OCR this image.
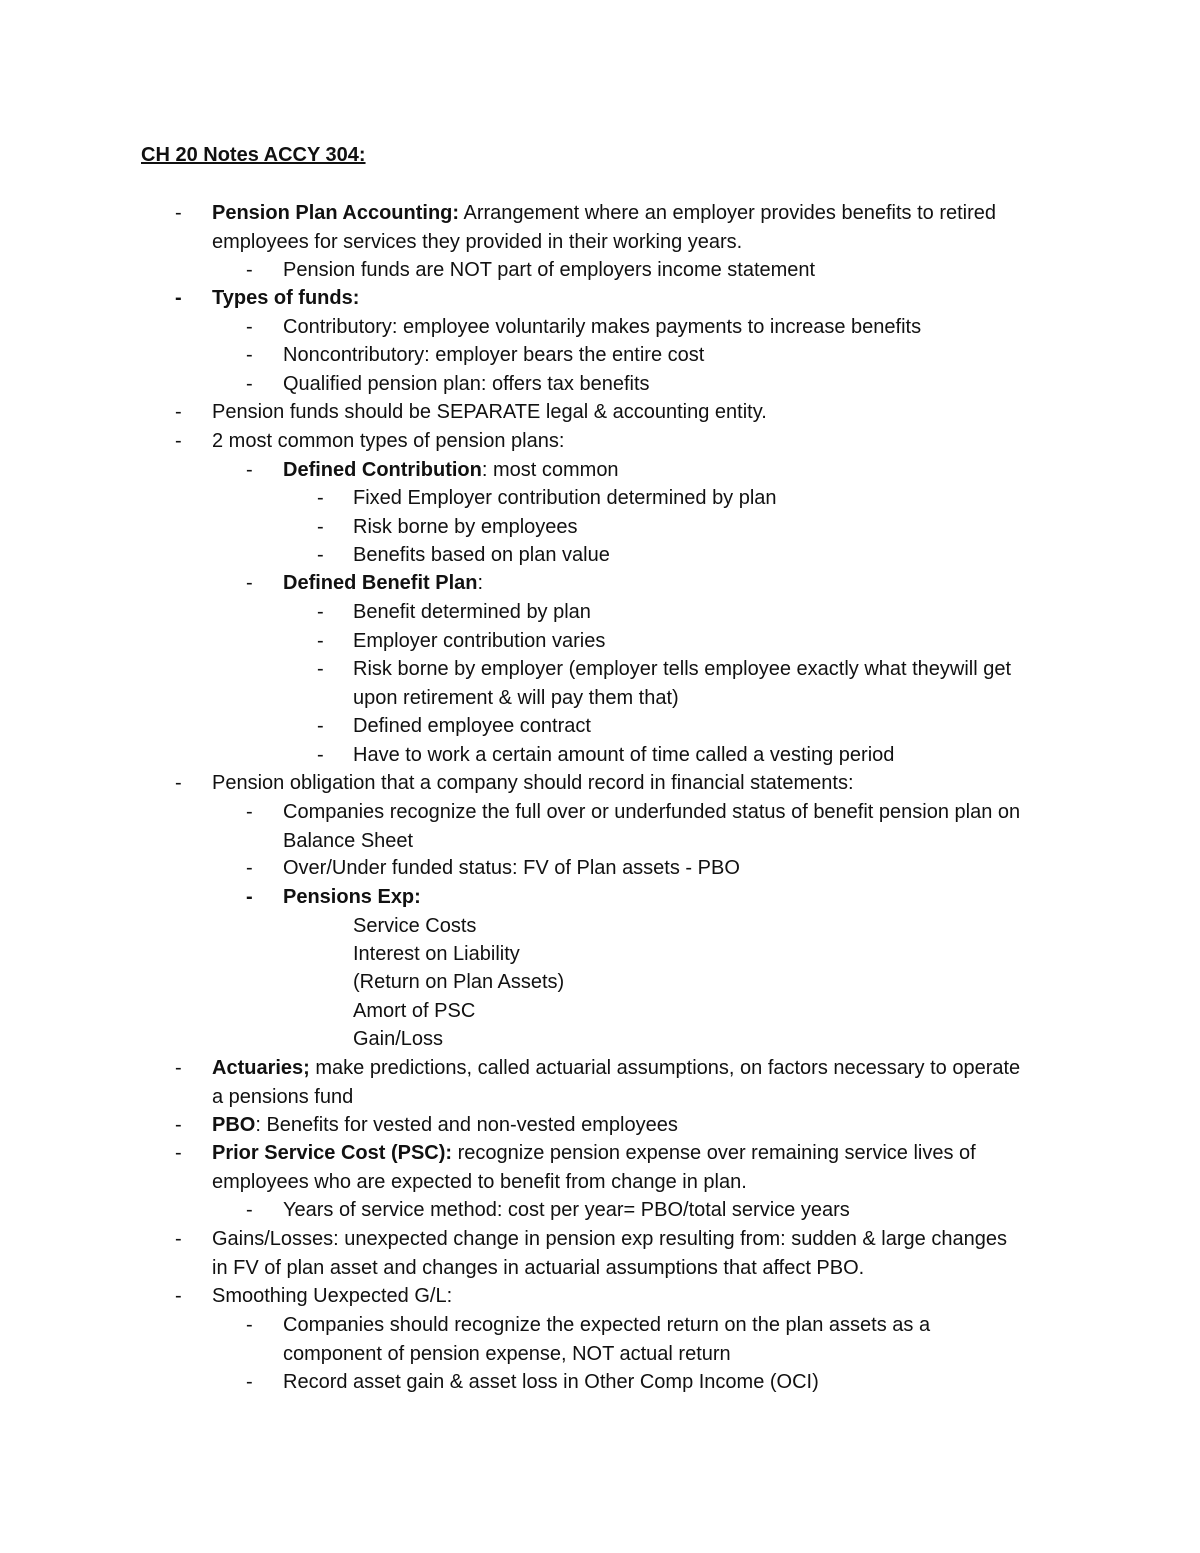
CH 20 Notes ACCY 304:
- Pension Plan Accounting: Arrangement where an employer provides benefits to retired employees for services they provided in their working years.
- Pension funds are NOT part of employers income statement
- Types of funds:
- Contributory: employee voluntarily makes payments to increase benefits
- Noncontributory: employer bears the entire cost
- Qualified pension plan: offers tax benefits
- Pension funds should be SEPARATE legal & accounting entity.
- 2 most common types of pension plans:
- Defined Contribution: most common
- Fixed Employer contribution determined by plan
- Risk borne by employees
- Benefits based on plan value
- Defined Benefit Plan:
- Benefit determined by plan
- Employer contribution varies
- Risk borne by employer (employer tells employee exactly what theywill get upon retirement & will pay them that)
- Defined employee contract
- Have to work a certain amount of time called a vesting period
- Pension obligation that a company should record in financial statements:
- Companies recognize the full over or underfunded status of benefit pension plan on Balance Sheet
- Over/Under funded status: FV of Plan assets - PBO
- Pensions Exp:
Service Costs
Interest on Liability
(Return on Plan Assets)
Amort of PSC
Gain/Loss
- Actuaries; make predictions, called actuarial assumptions, on factors necessary to operate a pensions fund
- PBO: Benefits for vested and non-vested employees
- Prior Service Cost (PSC): recognize pension expense over remaining service lives of employees who are expected to benefit from change in plan.
- Years of service method: cost per year= PBO/total service years
- Gains/Losses: unexpected change in pension exp resulting from: sudden & large changes in FV of plan asset and changes in actuarial assumptions that affect PBO.
- Smoothing Uexpected G/L:
- Companies should recognize the expected return on the plan assets as a component of pension expense, NOT actual return
- Record asset gain & asset loss in Other Comp Income (OCI)
